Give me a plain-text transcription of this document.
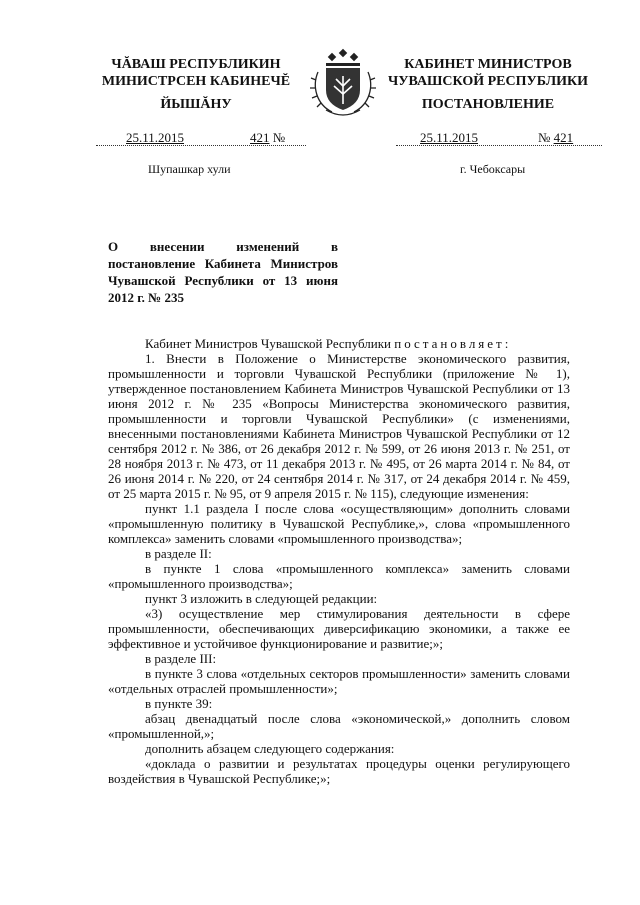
ЧĂВАШ РЕСПУБЛИКИН
МИНИСТРСЕН КАБИНЕЧĔ
ЙЫШĂНУ
КАБИНЕТ МИНИСТРОВ
ЧУВАШСКОЙ РЕСПУБЛИКИ
ПОСТАНОВЛЕНИЕ
25.11.2015	421 №	25.11.2015	№ 421
Шупашкар хули	г. Чебоксары
О внесении изменений в постановление Кабинета Министров Чувашской Республики от 13 июня 2012 г. № 235

Кабинет Министров Чувашской Республики постановляет:

1. Внести в Положение о Министерстве экономического развития, промышленности и торговли Чувашской Республики (приложение № 1), утвержденное постановлением Кабинета Министров Чувашской Республики от 13 июня 2012 г. № 235 «Вопросы Министерства экономического развития, промышленности и торговли Чувашской Республики» (с изменениями, внесенными постановлениями Кабинета Министров Чувашской Республики от 12 сентября 2012 г. № 386, от 26 декабря 2012 г. № 599, от 26 июня 2013 г. № 251, от 28 ноября 2013 г. № 473, от 11 декабря 2013 г. № 495, от 26 марта 2014 г. № 84, от 26 июня 2014 г. № 220, от 24 сентября 2014 г. № 317, от 24 декабря 2014 г. № 459, от 25 марта 2015 г. № 95, от 9 апреля 2015 г. № 115), следующие изменения:

пункт 1.1 раздела I после слова «осуществляющим» дополнить словами «промышленную политику в Чувашской Республике,», слова «промышленного комплекса» заменить словами «промышленного производства»;

в разделе II:

в пункте 1 слова «промышленного комплекса» заменить словами «промышленного производства»;

пункт 3 изложить в следующей редакции:

«3) осуществление мер стимулирования деятельности в сфере промышленности, обеспечивающих диверсификацию экономики, а также ее эффективное и устойчивое функционирование и развитие;»;

в разделе III:

в пункте 3 слова «отдельных секторов промышленности» заменить словами «отдельных отраслей промышленности»;

в пункте 39:

абзац двенадцатый после слова «экономической,» дополнить словом «промышленной,»;

дополнить абзацем следующего содержания:

«доклада о развитии и результатах процедуры оценки регулирующего воздействия в Чувашской Республике;»;
